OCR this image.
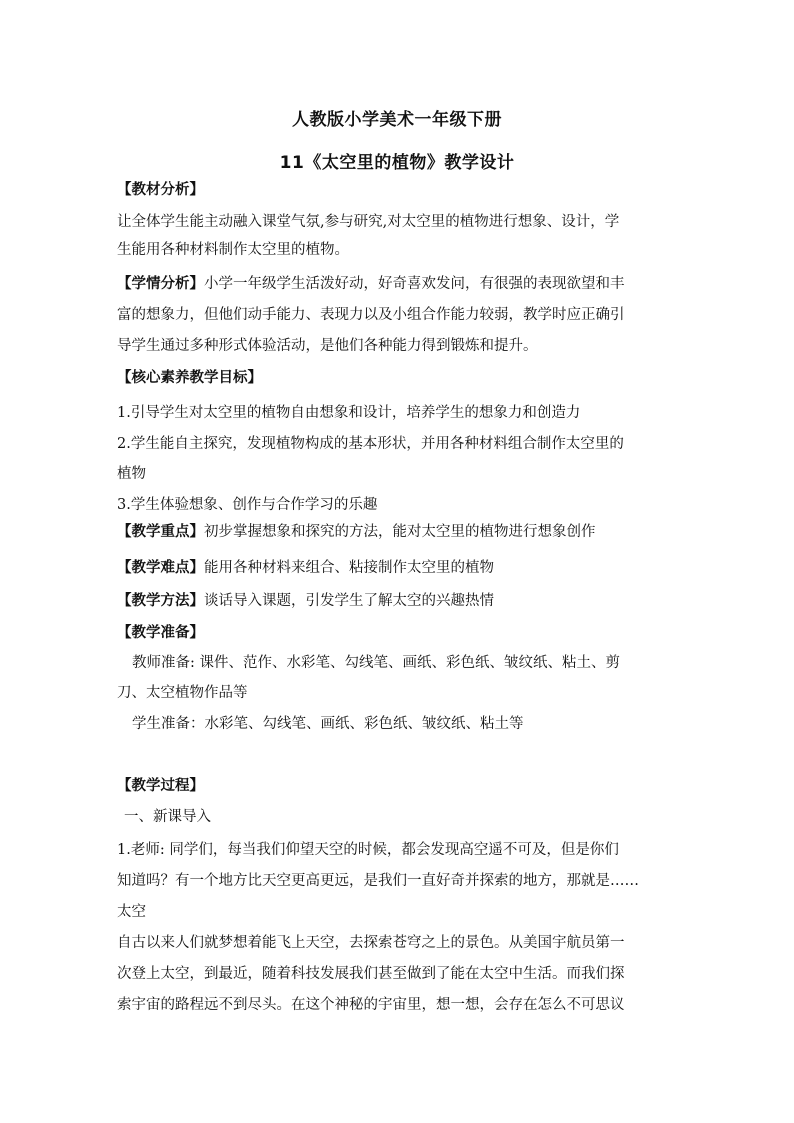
人教版小学美术一年级下册
11《太空里的植物》教学设计
【教材分析】
让全体学生能主动融入课堂气氛,参与研究,对太空里的植物进行想象、设计，学
生能用各种材料制作太空里的植物。
【学情分析】小学一年级学生活泼好动，好奇喜欢发问，有很强的表现欲望和丰
富的想象力，但他们动手能力、表现力以及小组合作能力较弱，教学时应正确引
导学生通过多种形式体验活动，是他们各种能力得到锻炼和提升。
【核心素养教学目标】
1.引导学生对太空里的植物自由想象和设计，培养学生的想象力和创造力
2.学生能自主探究，发现植物构成的基本形状，并用各种材料组合制作太空里的
植物
3.学生体验想象、创作与合作学习的乐趣
【教学重点】初步掌握想象和探究的方法，能对太空里的植物进行想象创作
【教学难点】能用各种材料来组合、粘接制作太空里的植物
【教学方法】谈话导入课题，引发学生了解太空的兴趣热情
【教学准备】
教师准备: 课件、范作、水彩笔、勾线笔、画纸、彩色纸、皱纹纸、粘土、剪
刀、太空植物作品等
学生准备：水彩笔、勾线笔、画纸、彩色纸、皱纹纸、粘土等
【教学过程】
一、新课导入
1.老师: 同学们，每当我们仰望天空的时候，都会发现高空遥不可及，但是你们
知道吗？有一个地方比天空更高更远，是我们一直好奇并探索的地方，那就是……
太空
自古以来人们就梦想着能飞上天空，去探索苍穹之上的景色。从美国宇航员第一
次登上太空，到最近，随着科技发展我们甚至做到了能在太空中生活。而我们探
索宇宙的路程远不到尽头。在这个神秘的宇宙里，想一想，会存在怎么不可思议
